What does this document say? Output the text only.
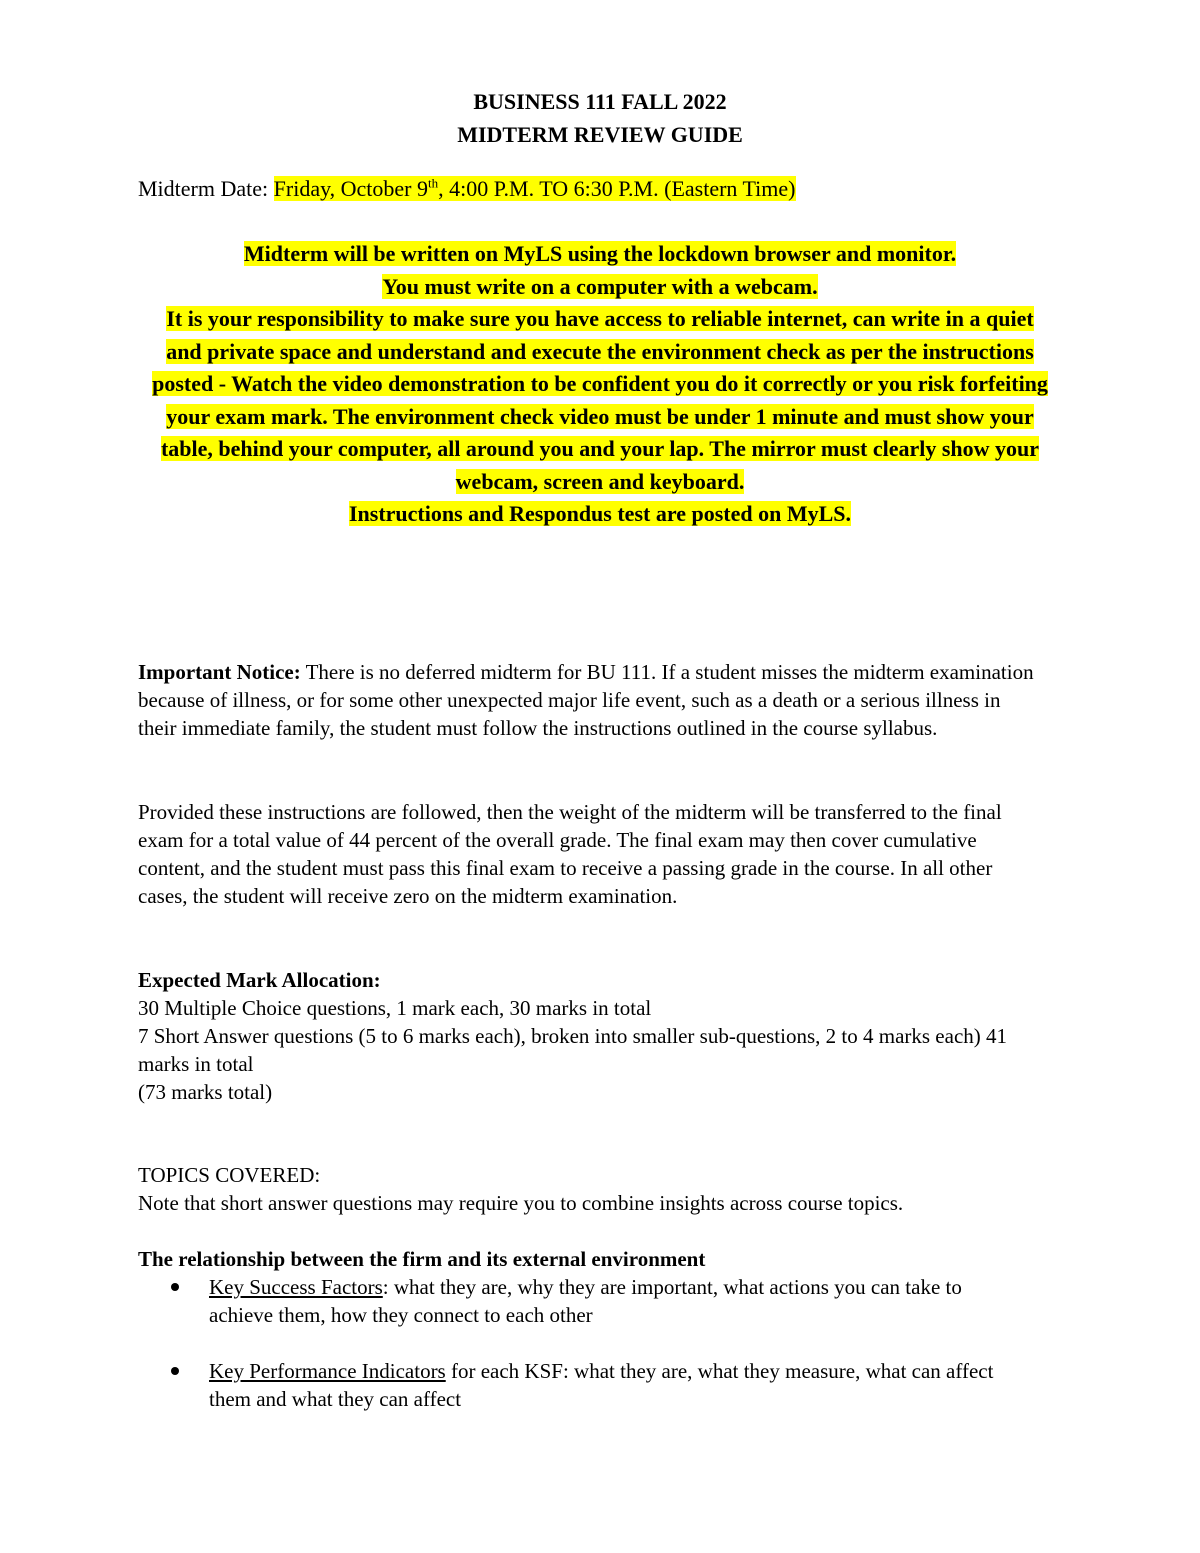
BUSINESS 111 FALL 2022
MIDTERM REVIEW GUIDE
Midterm Date: Friday, October 9th, 4:00 P.M. TO 6:30 P.M. (Eastern Time)
Midterm will be written on MyLS using the lockdown browser and monitor.
You must write on a computer with a webcam.
It is your responsibility to make sure you have access to reliable internet, can write in a quiet and private space and understand and execute the environment check as per the instructions posted - Watch the video demonstration to be confident you do it correctly or you risk forfeiting your exam mark. The environment check video must be under 1 minute and must show your table, behind your computer, all around you and your lap. The mirror must clearly show your webcam, screen and keyboard.
Instructions and Respondus test are posted on MyLS.
Important Notice: There is no deferred midterm for BU 111. If a student misses the midterm examination because of illness, or for some other unexpected major life event, such as a death or a serious illness in their immediate family, the student must follow the instructions outlined in the course syllabus.
Provided these instructions are followed, then the weight of the midterm will be transferred to the final exam for a total value of 44 percent of the overall grade. The final exam may then cover cumulative content, and the student must pass this final exam to receive a passing grade in the course. In all other cases, the student will receive zero on the midterm examination.
Expected Mark Allocation:
30 Multiple Choice questions, 1 mark each, 30 marks in total
7 Short Answer questions (5 to 6 marks each), broken into smaller sub-questions, 2 to 4 marks each) 41 marks in total
(73 marks total)
TOPICS COVERED:
Note that short answer questions may require you to combine insights across course topics.
The relationship between the firm and its external environment
Key Success Factors: what they are, why they are important, what actions you can take to achieve them, how they connect to each other
Key Performance Indicators for each KSF: what they are, what they measure, what can affect them and what they can affect
